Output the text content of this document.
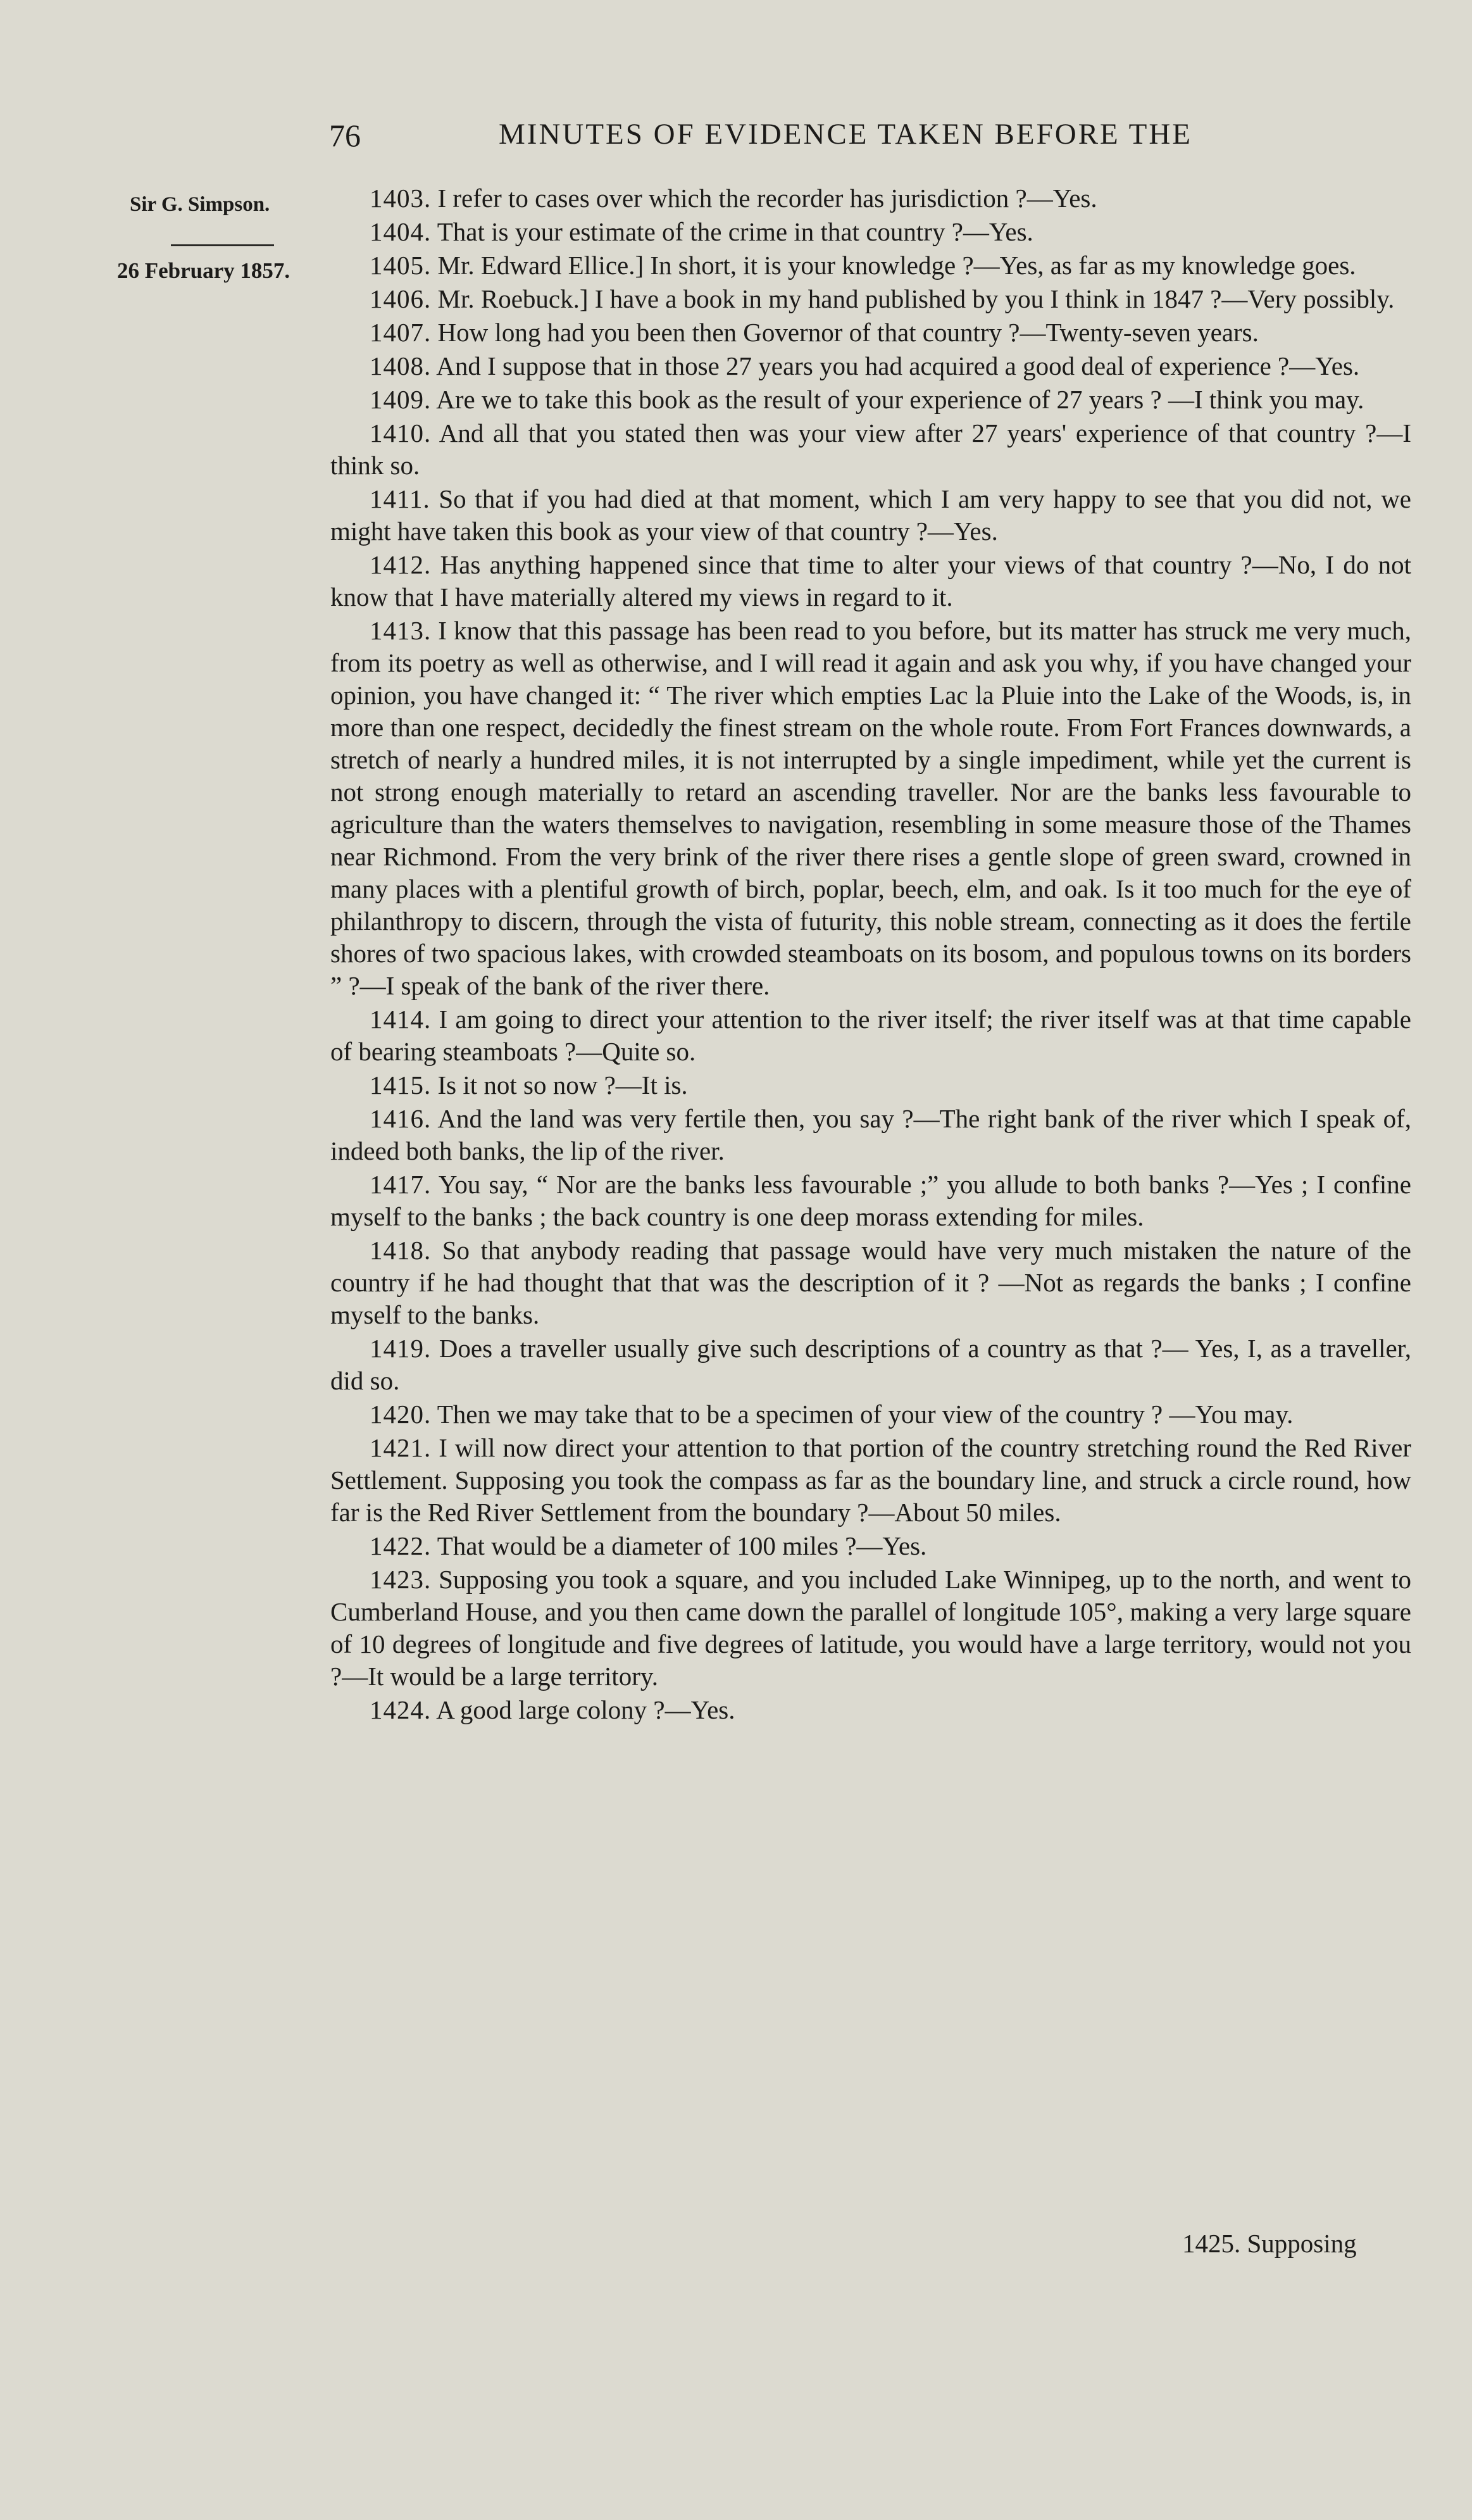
76	MINUTES OF EVIDENCE TAKEN BEFORE THE
Sir G. Simpson.
26 February 1857.

1403. I refer to cases over which the recorder has jurisdiction ?—Yes.

1404. That is your estimate of the crime in that country ?—Yes.

1405. Mr. Edward Ellice.] In short, it is your knowledge ?—Yes, as far as my knowledge goes.

1406. Mr. Roebuck.] I have a book in my hand published by you I think in 1847 ?—Very possibly.

1407. How long had you been then Governor of that country ?—Twenty-seven years.

1408. And I suppose that in those 27 years you had acquired a good deal of experience ?—Yes.

1409. Are we to take this book as the result of your experience of 27 years ? —I think you may.

1410. And all that you stated then was your view after 27 years' experience of that country ?—I think so.

1411. So that if you had died at that moment, which I am very happy to see that you did not, we might have taken this book as your view of that country ?—Yes.

1412. Has anything happened since that time to alter your views of that country ?—No, I do not know that I have materially altered my views in regard to it.

1413. I know that this passage has been read to you before, but its matter has struck me very much, from its poetry as well as otherwise, and I will read it again and ask you why, if you have changed your opinion, you have changed it: “ The river which empties Lac la Pluie into the Lake of the Woods, is, in more than one respect, decidedly the finest stream on the whole route. From Fort Frances downwards, a stretch of nearly a hundred miles, it is not interrupted by a single impediment, while yet the current is not strong enough materially to retard an ascending traveller. Nor are the banks less favourable to agriculture than the waters themselves to navigation, resembling in some measure those of the Thames near Richmond. From the very brink of the river there rises a gentle slope of green sward, crowned in many places with a plentiful growth of birch, poplar, beech, elm, and oak. Is it too much for the eye of philanthropy to discern, through the vista of futurity, this noble stream, connecting as it does the fertile shores of two spacious lakes, with crowded steamboats on its bosom, and populous towns on its borders ” ?—I speak of the bank of the river there.

1414. I am going to direct your attention to the river itself; the river itself was at that time capable of bearing steamboats ?—Quite so.

1415. Is it not so now ?—It is.

1416. And the land was very fertile then, you say ?—The right bank of the river which I speak of, indeed both banks, the lip of the river.

1417. You say, “ Nor are the banks less favourable ;” you allude to both banks ?—Yes ; I confine myself to the banks ; the back country is one deep morass extending for miles.

1418. So that anybody reading that passage would have very much mistaken the nature of the country if he had thought that that was the description of it ? —Not as regards the banks ; I confine myself to the banks.

1419. Does a traveller usually give such descriptions of a country as that ?— Yes, I, as a traveller, did so.

1420. Then we may take that to be a specimen of your view of the country ? —You may.

1421. I will now direct your attention to that portion of the country stretching round the Red River Settlement. Supposing you took the compass as far as the boundary line, and struck a circle round, how far is the Red River Settlement from the boundary ?—About 50 miles.

1422. That would be a diameter of 100 miles ?—Yes.

1423. Supposing you took a square, and you included Lake Winnipeg, up to the north, and went to Cumberland House, and you then came down the parallel of longitude 105°, making a very large square of 10 degrees of longitude and five degrees of latitude, you would have a large territory, would not you ?—It would be a large territory.

1424. A good large colony ?—Yes.

1425. Supposing
